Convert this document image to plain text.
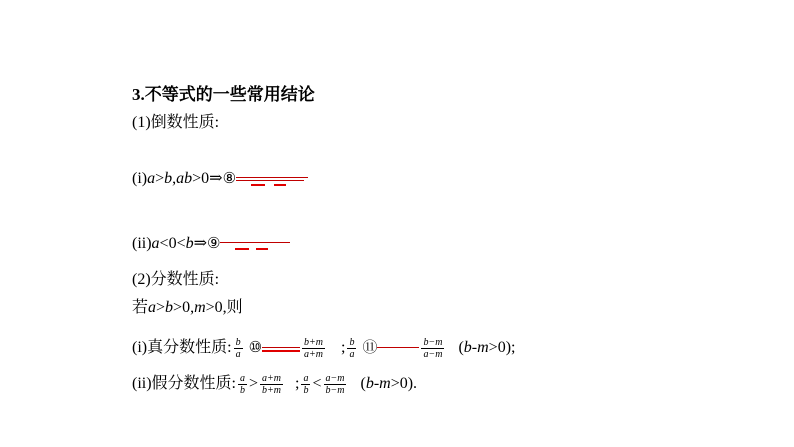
3.不等式的一些常用结论
(1)倒数性质:
(i)a>b,ab>0⇒⑧
(ii)a<0<b⇒⑨
(2)分数性质:
若a>b>0,m>0,则
(i)真分数性质: $\frac{b}{a}$ ⑩	$\frac{b+m}{a+m}$ ; $\frac{b}{a}$ ⑪	$\frac{b-m}{a-m} (b-m>0)$;
(ii)假分数性质: $\frac{a}{b} > \frac{a+m}{b+m}$ ; $\frac{a}{b} < \frac{a-m}{b-m} (b-m>0)$.
